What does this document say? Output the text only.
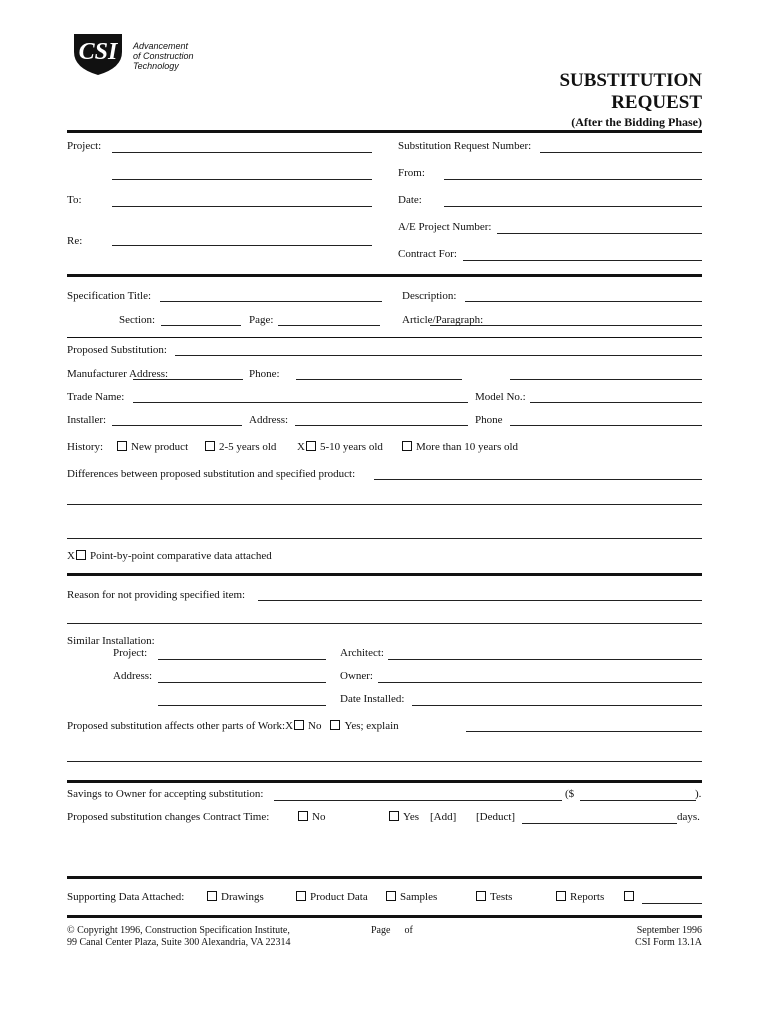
CSI Advancement
of Construction
Technology
SUBSTITUTION
REQUEST
(After the Bidding Phase)
Project:	Substitution Request Number:
From:
To:	Date:
A/E Project Number:
Re:
Contract For:
Specification Title:	Description:
Section:	Page:	Article/Paragraph:
Proposed Substitution:
Manufacturer Address:	Phone:
Trade Name:	Model No.:
Installer:	Address:	Phone
History:	New product	2-5 years old X 5-10 years old	More than 10 years old
Differences between proposed substitution and specified product:
X Point-by-point comparative data attached
Reason for not providing specified item:
Similar Installation:
Project:	Architect:
Address:	Owner:
Date Installed:
Proposed substitution affects other parts of Work:X No Yes; explain
Savings to Owner for accepting substitution:	($	).
Proposed substitution changes Contract Time:	No	Yes [Add] [Deduct]	days.
Supporting Data Attached:	Drawings	Product Data	Samples	Tests	Reports
© Copyright 1996, Construction Specification Institute,
99 Canal Center Plaza, Suite 300 Alexandria, VA 22314
Page of	September 1996
CSI Form 13.1A
